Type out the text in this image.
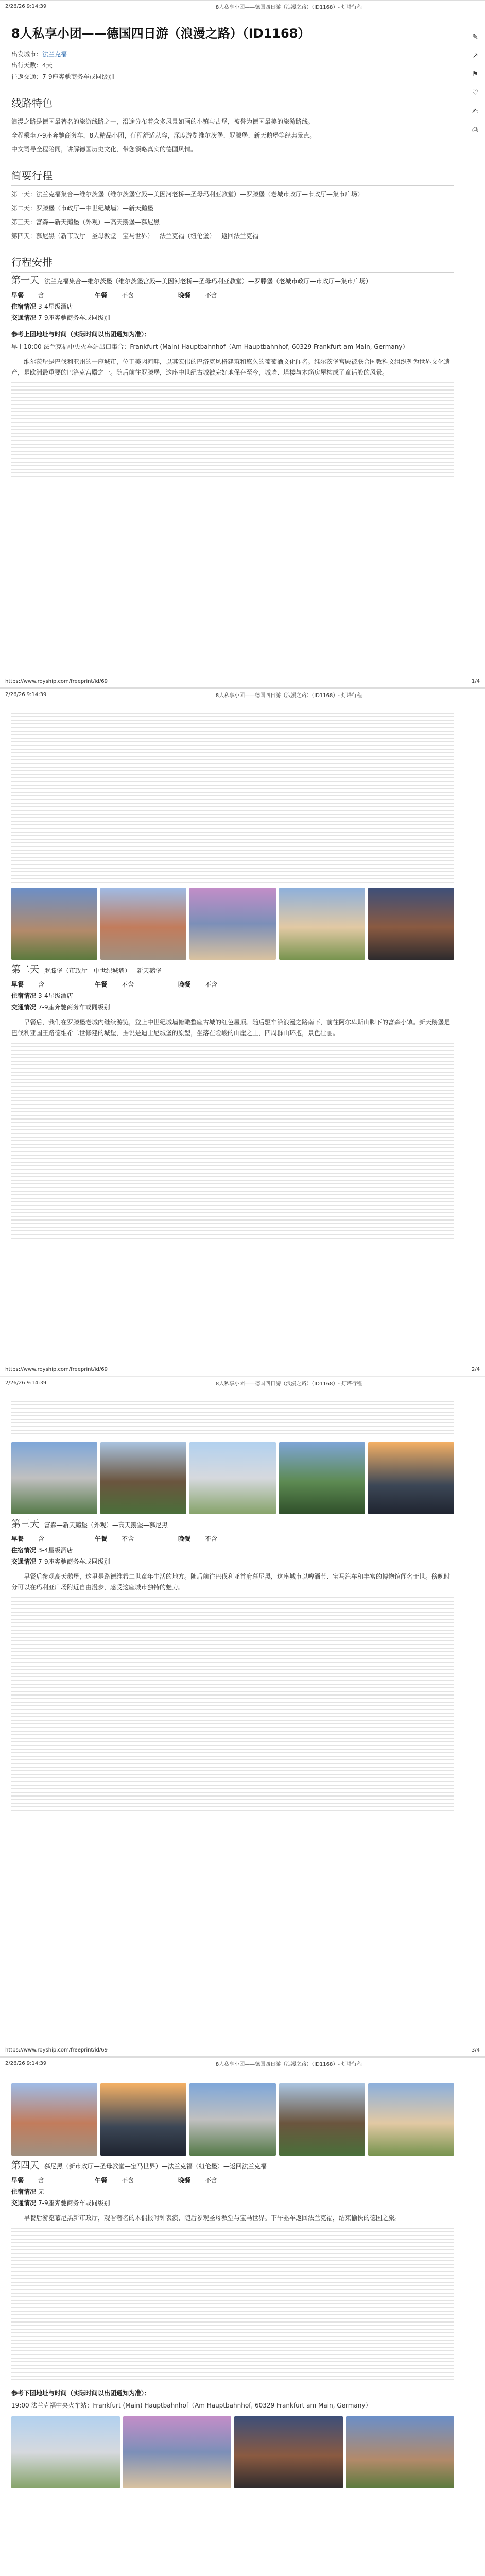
2/26/26 9:14:39	8人私享小团——德国四日游（浪漫之路）（ID1168）- 灯塔行程
✎
↗
⚑
♡
✍
⎙
8人私享小团——德国四日游（浪漫之路）（ID1168）
出发城市：法兰克福
出行天数：4天
往返交通：7-9座奔驰商务车或同级别
线路特色

浪漫之路是德国最著名的旅游线路之一，沿途分布着众多风景如画的小镇与古堡，被誉为德国最美的旅游路线。

全程乘坐7-9座奔驰商务车，8人精品小团，行程舒适从容，深度游览维尔茨堡、罗滕堡、新天鹅堡等经典景点。

中文司导全程陪同，讲解德国历史文化，带您领略真实的德国风情。

简要行程

第一天：法兰克福集合—维尔茨堡（维尔茨堡宫殿—美因河老桥—圣母玛利亚教堂）—罗滕堡（老城市政厅—市政厅—集市广场）

第二天：罗滕堡（市政厅—中世纪城墙）—新天鹅堡

第三天：富森—新天鹅堡（外观）—高天鹅堡—慕尼黑

第四天：慕尼黑（新市政厅—圣母教堂—宝马世界）—法兰克福（纽伦堡）—返回法兰克福

行程安排
第一天 法兰克福集合—维尔茨堡（维尔茨堡宫殿—美因河老桥—圣母玛利亚教堂）—罗滕堡（老城市政厅—市政厅—集市广场）
早餐 含	午餐 不含	晚餐 不含
住宿情况 3-4星级酒店
交通情况 7-9座奔驰商务车或同级别
参考上团地址与时间（实际时间以出团通知为准）：

早上10:00 法兰克福中央火车站出口集合：Frankfurt (Main) Hauptbahnhof（Am Hauptbahnhof, 60329 Frankfurt am Main, Germany）

维尔茨堡是巴伐利亚州的一座城市，位于美因河畔，以其宏伟的巴洛克风格建筑和悠久的葡萄酒文化闻名。维尔茨堡宫殿被联合国教科文组织列为世界文化遗产，是欧洲最重要的巴洛克宫殿之一。随后前往罗滕堡，这座中世纪古城被完好地保存至今，城墙、塔楼与木筋房屋构成了童话般的风景。

https://www.royship.com/freeprint/id/69	1/4
2/26/26 9:14:39	8人私享小团——德国四日游（浪漫之路）（ID1168）- 灯塔行程
第二天 罗滕堡（市政厅—中世纪城墙）—新天鹅堡
早餐 含	午餐 不含	晚餐 不含
住宿情况 3-4星级酒店
交通情况 7-9座奔驰商务车或同级别

早餐后，我们在罗滕堡老城内继续游览，登上中世纪城墙俯瞰整座古城的红色屋顶。随后驱车沿浪漫之路南下，前往阿尔卑斯山脚下的富森小镇。新天鹅堡是巴伐利亚国王路德维希二世修建的城堡，据说是迪士尼城堡的原型，坐落在险峻的山崖之上，四周群山环抱，景色壮丽。

https://www.royship.com/freeprint/id/69	2/4
2/26/26 9:14:39	8人私享小团——德国四日游（浪漫之路）（ID1168）- 灯塔行程
第三天 富森—新天鹅堡（外观）—高天鹅堡—慕尼黑
早餐 含	午餐 不含	晚餐 不含
住宿情况 3-4星级酒店
交通情况 7-9座奔驰商务车或同级别

早餐后参观高天鹅堡，这里是路德维希二世童年生活的地方。随后前往巴伐利亚首府慕尼黑，这座城市以啤酒节、宝马汽车和丰富的博物馆闻名于世。傍晚时分可以在玛利亚广场附近自由漫步，感受这座城市独特的魅力。

https://www.royship.com/freeprint/id/69	3/4
2/26/26 9:14:39	8人私享小团——德国四日游（浪漫之路）（ID1168）- 灯塔行程
第四天 慕尼黑（新市政厅—圣母教堂—宝马世界）—法兰克福（纽伦堡）—返回法兰克福
早餐 含	午餐 不含	晚餐 不含
住宿情况 无
交通情况 7-9座奔驰商务车或同级别

早餐后游览慕尼黑新市政厅，观看著名的木偶报时钟表演，随后参观圣母教堂与宝马世界。下午驱车返回法兰克福，结束愉快的德国之旅。

参考下团地址与时间（实际时间以出团通知为准）：

19:00 法兰克福中央火车站：Frankfurt (Main) Hauptbahnhof（Am Hauptbahnhof, 60329 Frankfurt am Main, Germany）
